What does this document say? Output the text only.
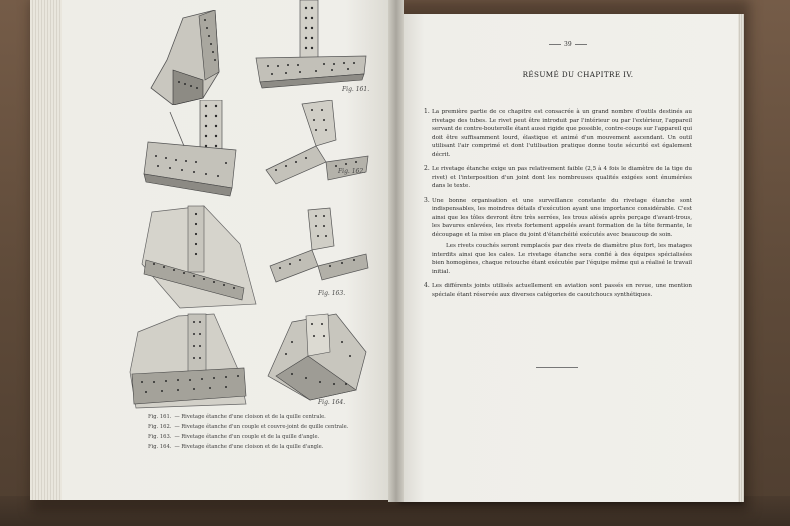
Fig. 161.
Fig. 162.
Fig. 163.
Fig. 164.
Fig. 161. — Rivetage étanche d'une cloison et de la quille centrale.
Fig. 162. — Rivetage étanche d'un couple et couvre-joint de quille centrale.
Fig. 163. — Rivetage étanche d'un couple et de la quille d'angle.
Fig. 164. — Rivetage étanche d'une cloison et de la quille d'angle.
39
RÉSUMÉ DU CHAPITRE IV.
1. La première partie de ce chapitre est consacrée à un grand nombre d'outils destinés au rivetage des tubes. Le rivet peut être introduit par l'intérieur ou par l'extérieur, l'appareil servant de contre-bouterolle étant aussi rigide que possible, contre-coups sur l'appareil qui doit être suffisamment lourd, élastique et animé d'un mouvement ascendant. Un outil utilisant l'air comprimé et dont l'utilisation pratique donne toute sécurité est également décrit.

2. Le rivetage étanche exige un pas relativement faible (2,5 à 4 fois le diamètre de la tige du rivet) et l'interposition d'un joint dont les nombreuses qualités exigées sont énumérées dans le texte.

3. Une bonne organisation et une surveillance constante du rivetage étanche sont indispensables, les moindres détails d'exécution ayant une importance considérable. C'est ainsi que les tôles devront être très serrées, les trous alésés après perçage d'avant-trous, les bavures enlevées, les rivets fortement appelés avant formation de la tête fermante, le découpage et la mise en place du joint d'étanchéité exécutés avec beaucoup de soin.

Les rivets couchés seront remplacés par des rivets de diamètre plus fort, les matages interdits ainsi que les cales. Le rivetage étanche sera confié à des équipes spécialisées bien homogènes, chaque retouche étant exécutée par l'équipe même qui a réalisé le travail initial.

4. Les différents joints utilisés actuellement en aviation sont passés en revue, une mention spéciale étant réservée aux diverses catégories de caoutchoucs synthétiques.
